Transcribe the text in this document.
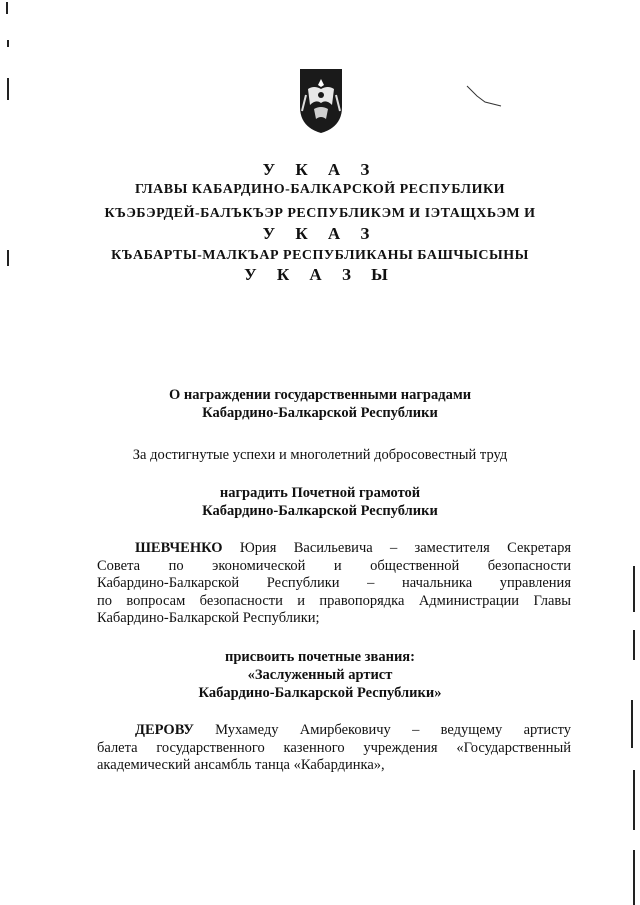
У К А З
ГЛАВЫ КАБАРДИНО-БАЛКАРСКОЙ РЕСПУБЛИКИ
КЪЭБЭРДЕЙ-БАЛЪКЪЭР РЕСПУБЛИКЭМ И ІЭТАЩХЬЭМ И
У К А З
КЪАБАРТЫ-МАЛКЪАР РЕСПУБЛИКАНЫ БАШЧЫСЫНЫ
У К А З Ы
О награждении государственными наградами
Кабардино-Балкарской Республики
За достигнутые успехи и многолетний добросовестный труд
наградить Почетной грамотой
Кабардино-Балкарской Республики
ШЕВЧЕНКО Юрия Васильевича – заместителя Секретаря
Совета по экономической и общественной безопасности
Кабардино-Балкарской Республики – начальника управления
по вопросам безопасности и правопорядка Администрации Главы
Кабардино-Балкарской Республики;
присвоить почетные звания:
«Заслуженный артист
Кабардино-Балкарской Республики»
ДЕРОВУ Мухамеду Амирбековичу – ведущему артисту
балета государственного казенного учреждения «Государственный
академический ансамбль танца «Кабардинка»,
